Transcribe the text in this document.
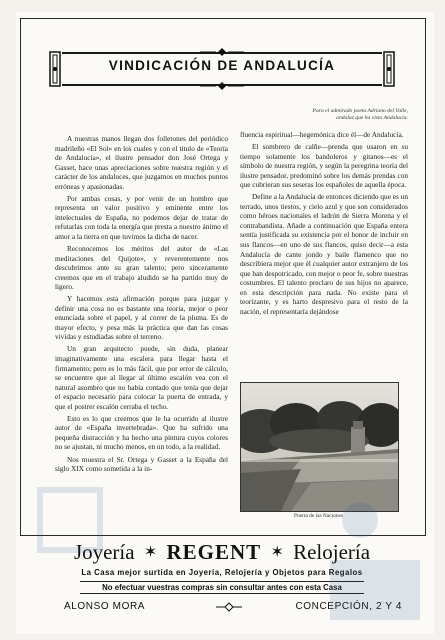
VINDICACIÓN DE ANDALUCÍA
Para el admirado poeta Adriano del Valle,
andaluz que ha visto Andalucía.

A nuestras manos llegan dos folletones del periódico madrileño «El Sol» en los cuales y con el título de «Teoría de Andalucía», el ilustre pensador don José Ortega y Gasset, hace unas apreciaciones sobre nuestra región y el carácter de los andaluces, que juzgamos en muchos puntos erróneas y apasionadas.

Por ambas cosas, y por venir de un hombre que representa un valor positivo y eminente entre los intelectuales de España, no podemos dejar de tratar de refutarlas con toda la energía que presta a nuestro ánimo el amor a la tierra en que tuvimos la dicha de nacer.

Reconocemos los méritos del autor de «Las meditaciones del Quijote», y reverentemente nos descubrimos ante su gran talento; pero sinceramente creemos que en el trabajo aludido se ha partido muy de ligero.

Y hacemos esta afirmación porque para juzgar y definir una cosa no es bastante una teoría, mejor o peor enunciada sobre el papel, y al correr de la pluma. Es de mayor efecto, y pesa más la práctica que dan las cosas vividas y estudiadas sobre el terreno.

Un gran arquitecto puede, sin duda, planear imaginativamente una escalera para llegar hasta el firmamento; pero es lo más fácil, que por error de cálculo, se encuentre que al llegar al último escalón vea con el natural asombro que no había contado que tenía que dejar el espacio necesario para colocar la puerta de entrada, y que el postrer escalón cerraba el techo.

Esto es lo que creemos que le ha ocurrido al ilustre autor de «España invertebrada». Que ha sufrido una pequeña distracción y ha hecho una pintura cuyos colores no se ajustan, ni mucho menos, en un todo, a la realidad.

Nos muestra el Sr. Ortega y Gasset a la España del siglo XIX como sometida a la in-

fluencia espiritual—hegemónica dice él—de Andalucía.

El sombrero de calñe—prenda que usaron en su tiempo solamente los bandoleros y gitanos—es el símbolo de nuestra región, y según la peregrina teoría del ilustre pensador, predominó sobre los demás prendas con que cubrieran sus seseras los españoles de aquella época.

Define a la Andalucía de entonces diciendo que es un terrado, unos tiestos, y cielo azul y que son considerados como héroes nacionales el ladrón de Sierra Morena y el contrabandista. Añade a continuación que España entera sentía justificada su existencia por el honor de incluir en sus flancos—en uno de sus flancos, quiso decir—a esta Andalucía de cante jondo y baile flamenco que no describiera mejor que él cualquier autor extranjero de los que han despotricado, con mejor o peor fe, sobre nuestras costumbres. El talento preclaro de sus hijos no aparece, en esta descripción para nada. No existe para el teorizante, y es harto despresivo para el resto de la nación, el representaría dejándose

Puerta de las Naciones
Joyería ✶ REGENT ✶ Relojería
La Casa mejor surtida en Joyería, Relojería y Objetos para Regalos
No efectuar vuestras compras sin consultar antes con esta Casa
ALONSO MORA	CONCEPCIÓN, 2 Y 4
